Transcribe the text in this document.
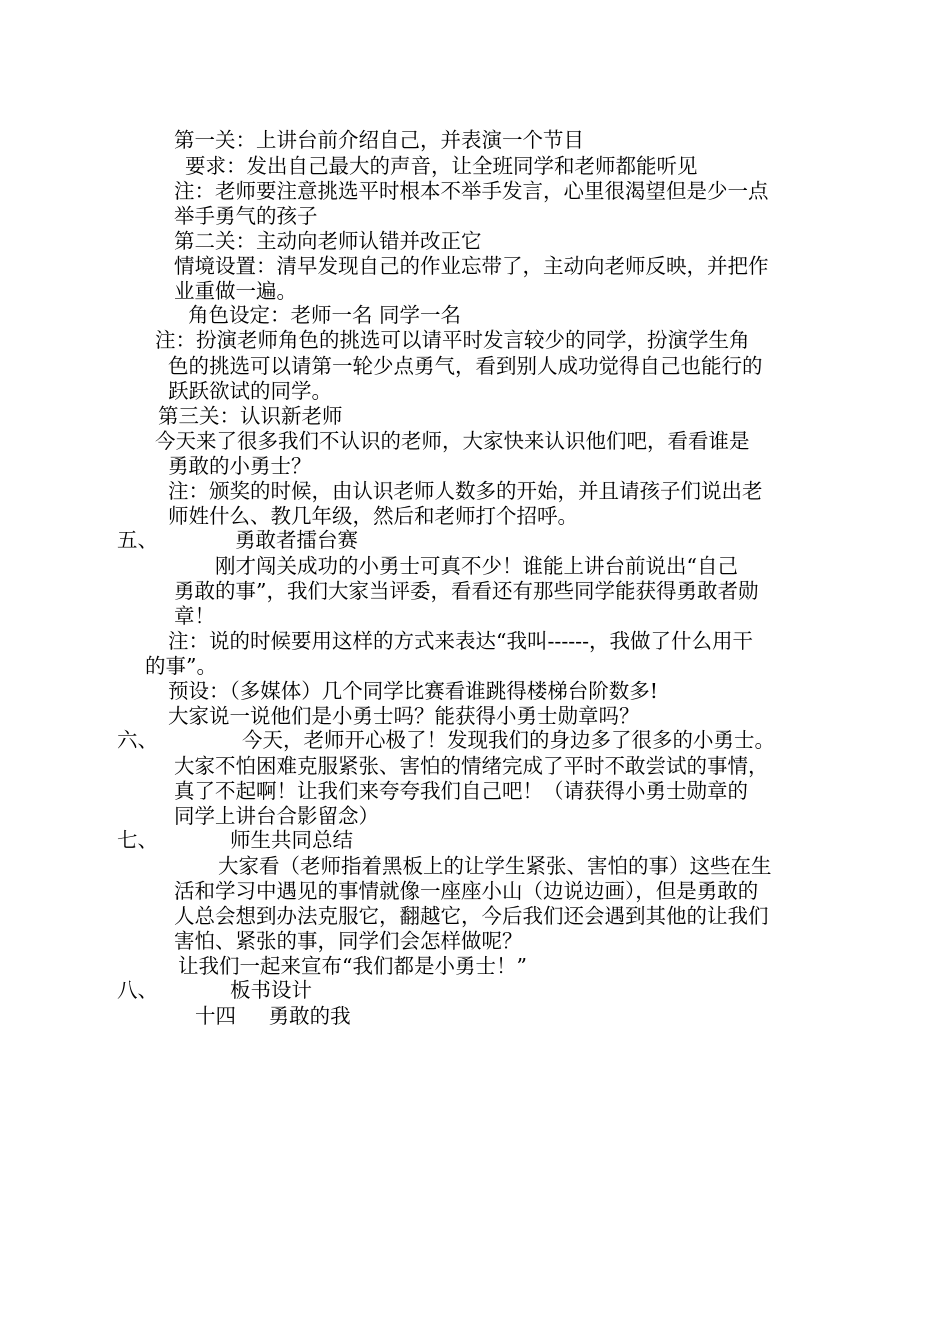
第一关：上讲台前介绍自己，并表演一个节目
要求：发出自己最大的声音，让全班同学和老师都能听见
注：老师要注意挑选平时根本不举手发言，心里很渴望但是少一点
举手勇气的孩子
第二关：主动向老师认错并改正它
情境设置：清早发现自己的作业忘带了，主动向老师反映，并把作
业重做一遍。
角色设定：老师一名 同学一名
注：扮演老师角色的挑选可以请平时发言较少的同学，扮演学生角
色的挑选可以请第一轮少点勇气，看到别人成功觉得自己也能行的
跃跃欲试的同学。
第三关：认识新老师
今天来了很多我们不认识的老师，大家快来认识他们吧，看看谁是
勇敢的小勇士？
注：颁奖的时候，由认识老师人数多的开始，并且请孩子们说出老
师姓什么、教几年级，然后和老师打个招呼。
五、	勇敢者擂台赛
刚才闯关成功的小勇士可真不少！谁能上讲台前说出“自己
勇敢的事”，我们大家当评委，看看还有那些同学能获得勇敢者勋
章！
注：说的时候要用这样的方式来表达“我叫------，我做了什么用干
的事”。
预设：（多媒体）几个同学比赛看谁跳得楼梯台阶数多!
大家说一说他们是小勇士吗？能获得小勇士勋章吗？
六、	今天，老师开心极了！发现我们的身边多了很多的小勇士。
大家不怕困难克服紧张、害怕的情绪完成了平时不敢尝试的事情，
真了不起啊！让我们来夸夸我们自己吧！（请获得小勇士勋章的
同学上讲台合影留念）
七、	师生共同总结
大家看（老师指着黑板上的让学生紧张、害怕的事）这些在生
活和学习中遇见的事情就像一座座小山（边说边画），但是勇敢的
人总会想到办法克服它，翻越它，今后我们还会遇到其他的让我们
害怕、紧张的事，同学们会怎样做呢？
让我们一起来宣布“我们都是小勇士！”
八、	板书设计
十四     勇敢的我
